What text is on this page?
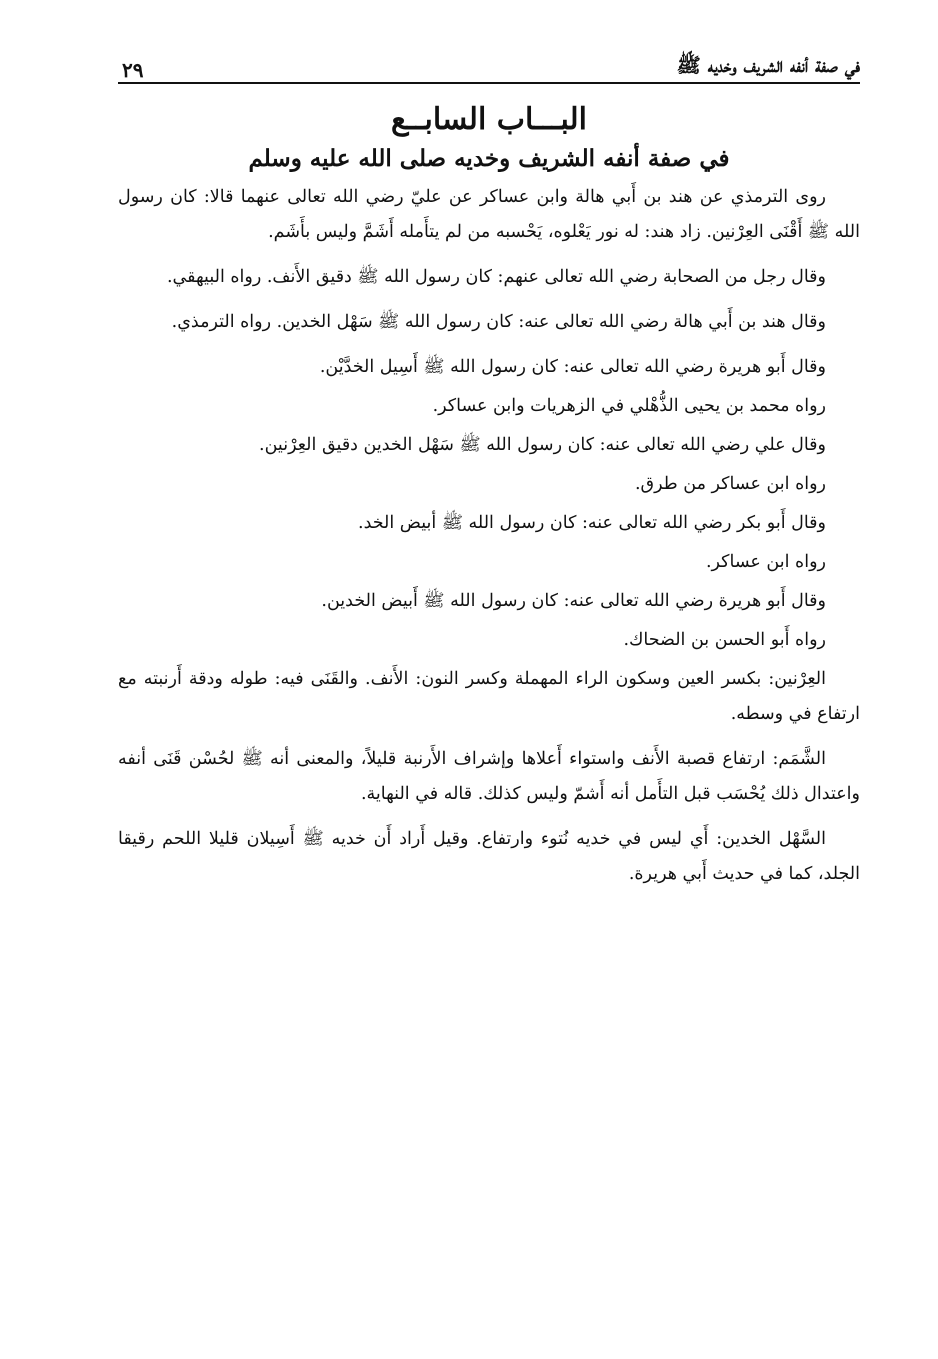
في صفة أنفه الشريف وخديه ﷺ
٢٩
البـــاب السابــع
في صفة أنفه الشريف وخديه صلى الله عليه وسلم

روى الترمذي عن هند بن أَبي هالة وابن عساكر عن عليّ رضي الله تعالى عنهما قالا: كان رسول الله ﷺ أَقْنَى العِرْنين. زاد هند: له نور يَعْلوه، يَحْسبه من لم يتأَمله أَشَمَّ وليس بأَشَم.

وقال رجل من الصحابة رضي الله تعالى عنهم: كان رسول الله ﷺ دقيق الأَنف. رواه البيهقي.

وقال هند بن أَبي هالة رضي الله تعالى عنه: كان رسول الله ﷺ سَهْل الخدين. رواه الترمذي.

وقال أَبو هريرة رضي الله تعالى عنه: كان رسول الله ﷺ أَسِيل الخدَّيْن.

رواه محمد بن يحيى الذُّهْلي في الزهريات وابن عساكر.

وقال علي رضي الله تعالى عنه: كان رسول الله ﷺ سَهْل الخدين دقيق العِرْنين.

رواه ابن عساكر من طرق.

وقال أَبو بكر رضي الله تعالى عنه: كان رسول الله ﷺ أبيض الخد.

رواه ابن عساكر.

وقال أَبو هريرة رضي الله تعالى عنه: كان رسول الله ﷺ أَبيض الخدين.

رواه أَبو الحسن بن الضحاك.

العِرْنين: بكسر العين وسكون الراء المهملة وكسر النون: الأَنف. والقَنَى فيه: طوله ودقة أَرنبته مع ارتفاع في وسطه.

الشَّمَم: ارتفاع قصبة الأَنف واستواء أَعلاها وإشراف الأَرنبة قليلاً، والمعنى أنه ﷺ لحُسْن قَنَى أنفه واعتدال ذلك يُحْسَب قبل التأَمل أنه أَشمّ وليس كذلك. قاله في النهاية.

السَّهْل الخدين: أَي ليس في خديه نُتوء وارتفاع. وقيل أَراد أَن خديه ﷺ أَسِيلان قليلا اللحم رقيقا الجلد، كما في حديث أَبي هريرة.
